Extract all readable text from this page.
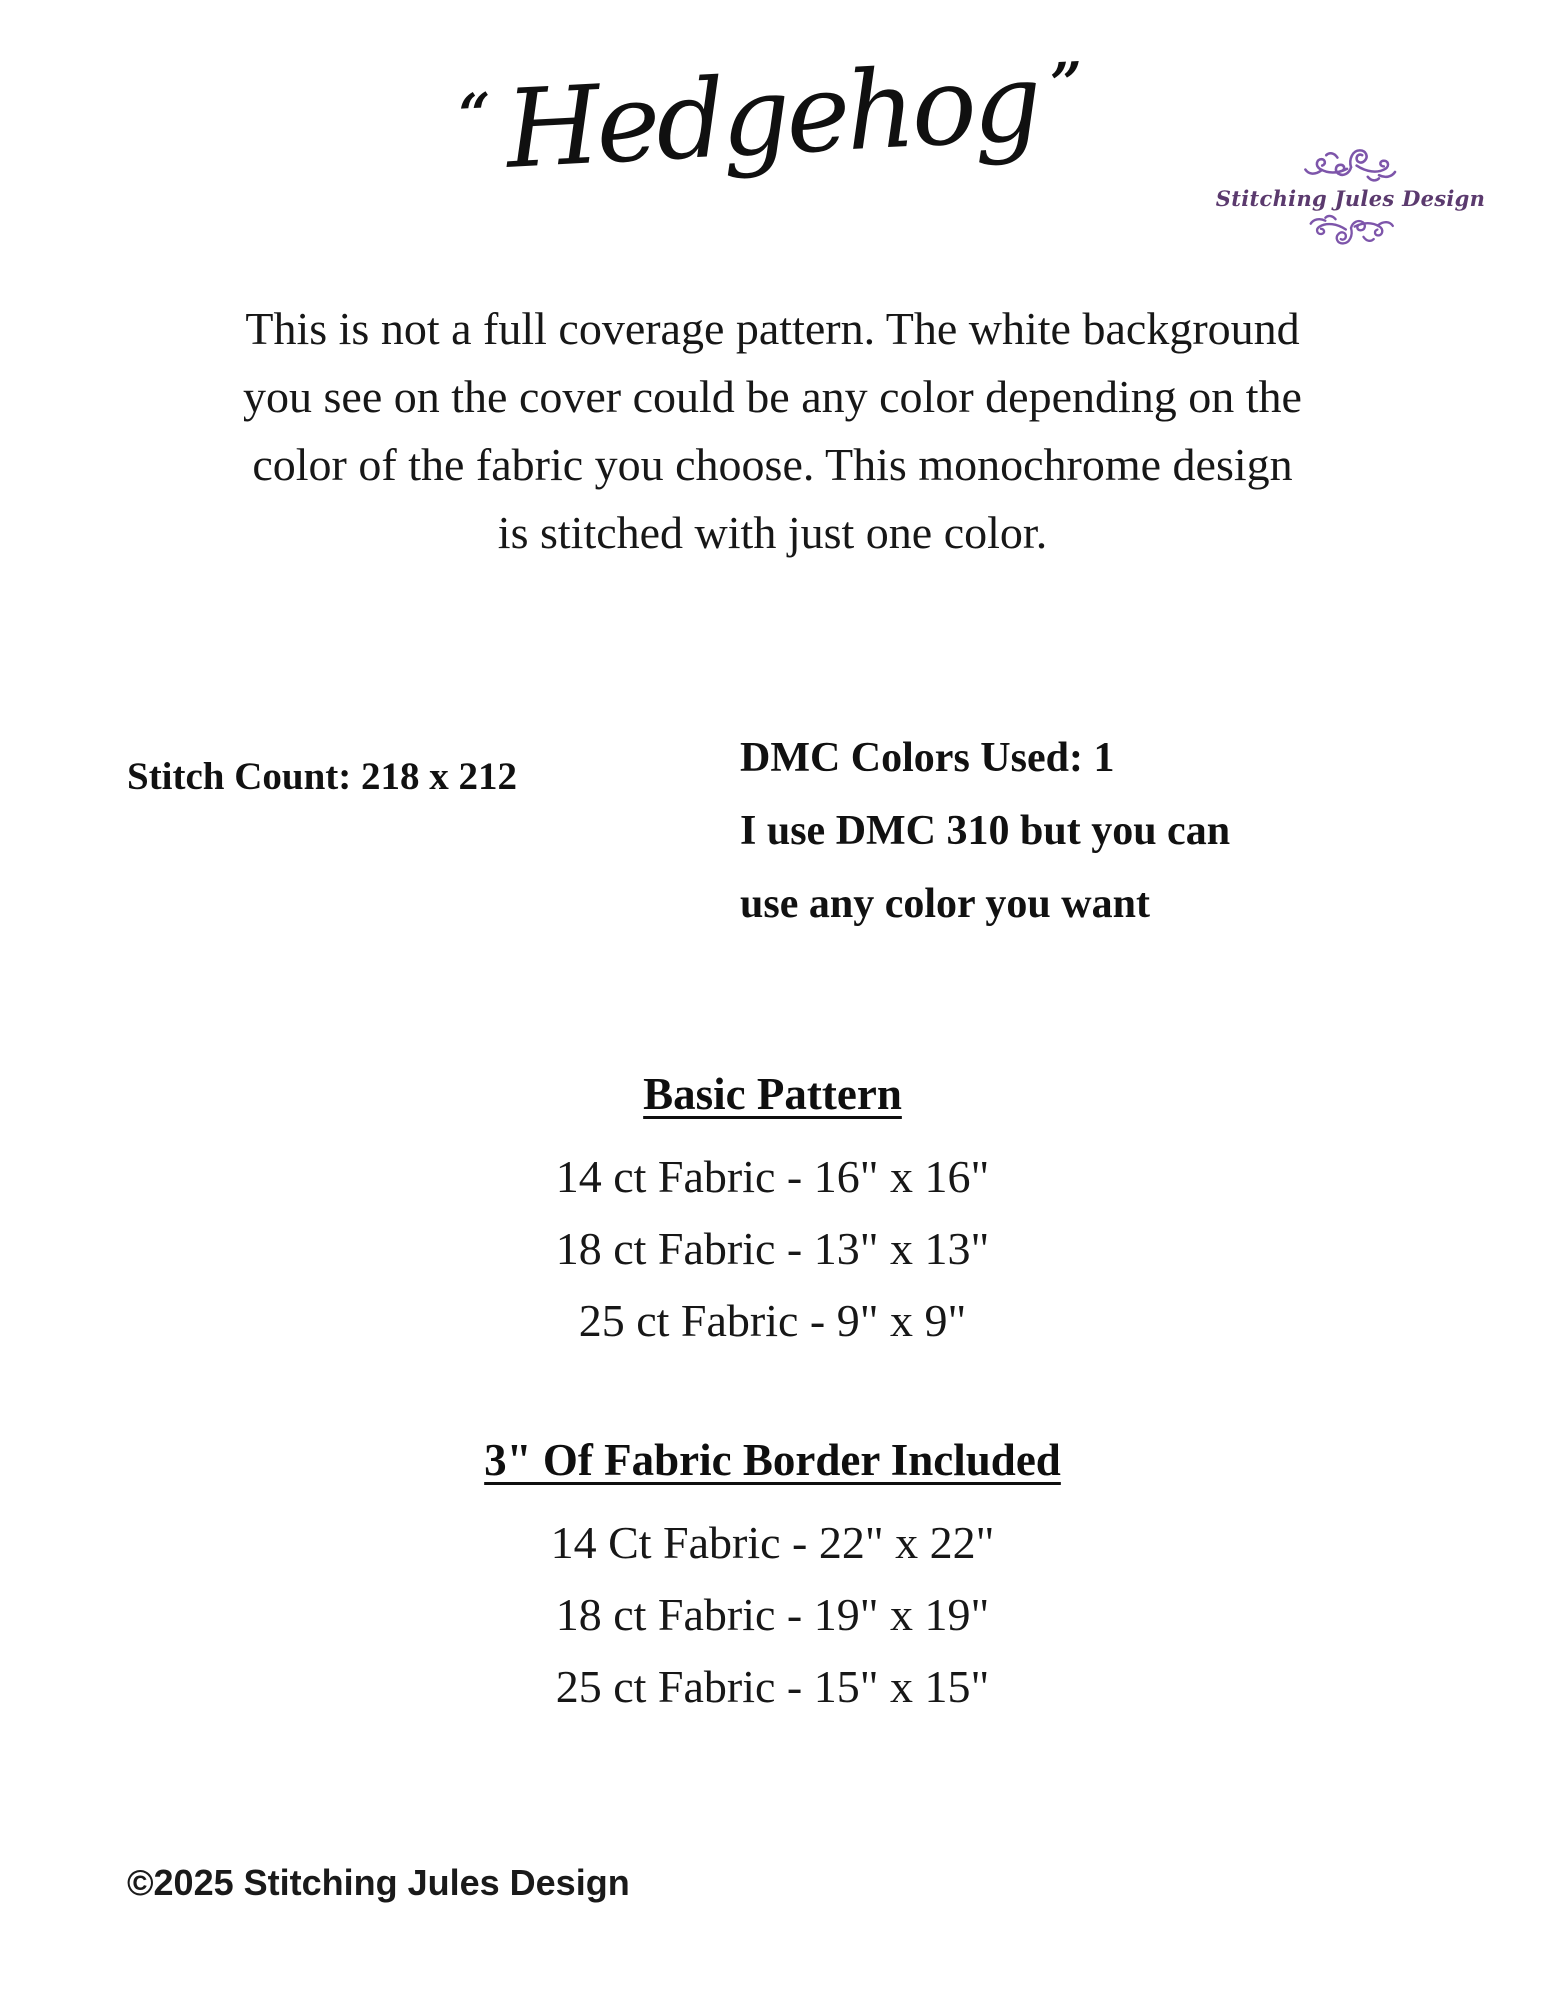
“Hedgehog ”
Stitching Jules Design
This is not a full coverage pattern. The white background
you see on the cover could be any color depending on the
color of the fabric you choose. This monochrome design
is stitched with just one color.
Stitch Count: 218 x 212	DMC Colors Used: 1
I use DMC 310 but you can
use any color you want
Basic Pattern
14 ct Fabric - 16" x 16"
18 ct Fabric - 13" x 13"
25 ct Fabric - 9" x 9"
3" Of Fabric Border Included
14 Ct Fabric - 22" x 22"
18 ct Fabric - 19" x 19"
25 ct Fabric - 15" x 15"
©2025 Stitching Jules Design
